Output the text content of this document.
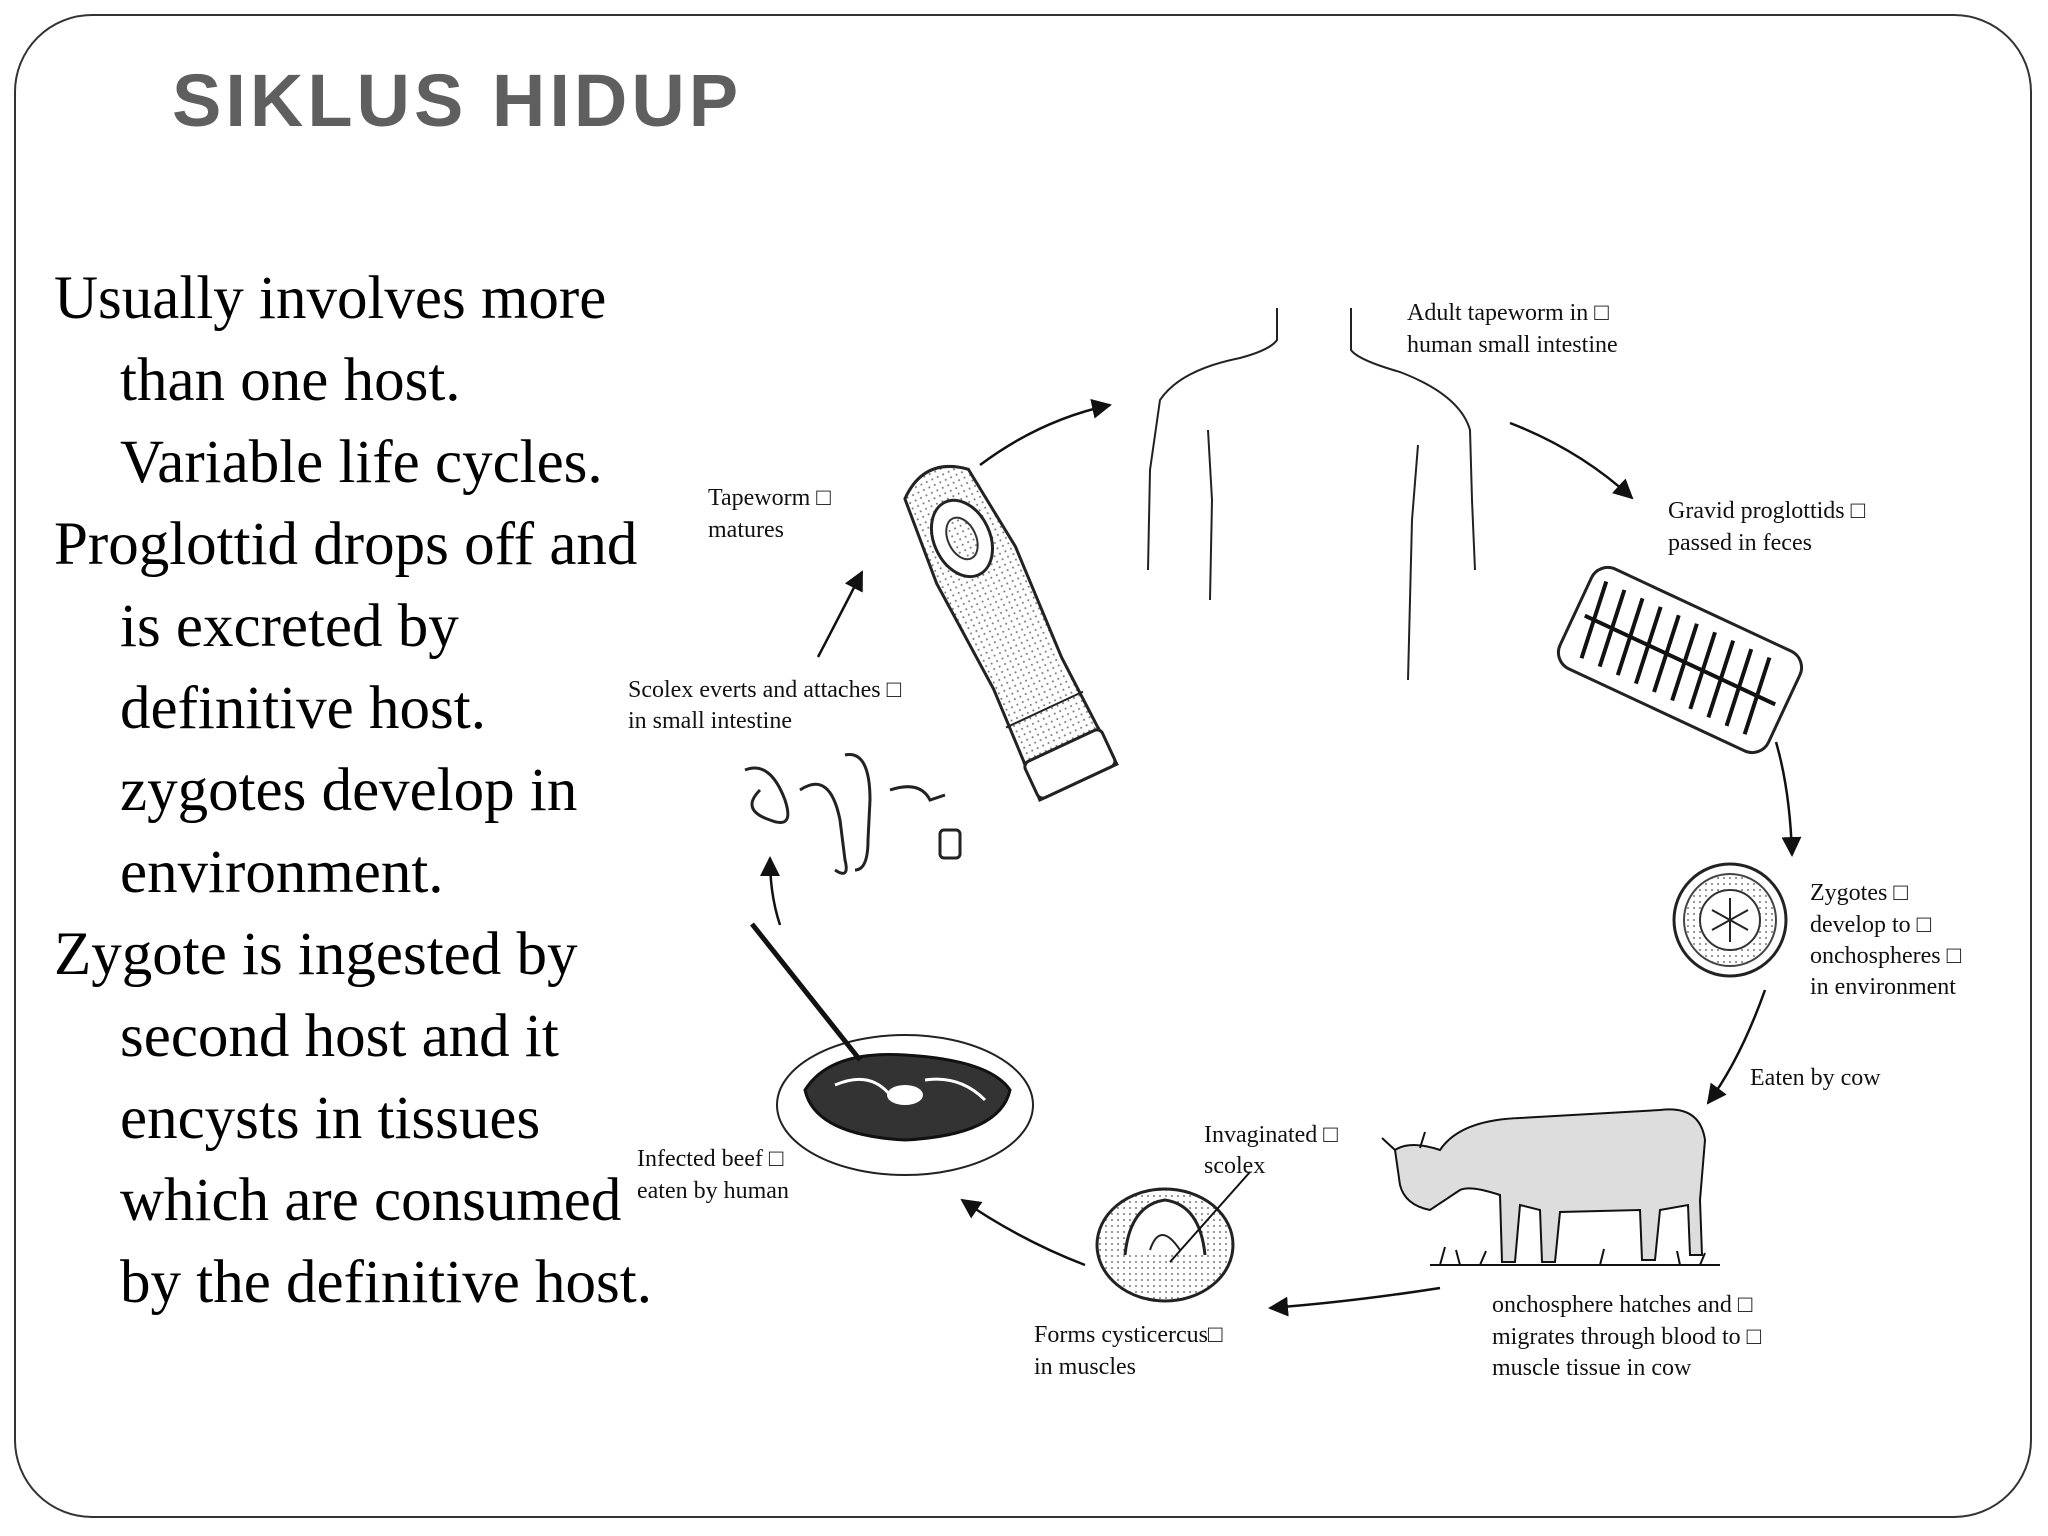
SIKLUS HIDUP

Usually involves more than one host. Variable life cycles.

Proglottid drops off and is excreted by definitive host. zygotes develop in environment.

Zygote is ingested by second host and it encysts in tissues which are consumed by the definitive host.

Adult tapeworm in □ human small intestine
Gravid proglottids □ passed in feces
Zygotes □ develop to □ onchospheres □ in environment
Eaten by cow
onchosphere hatches and □ migrates through blood to □ muscle tissue in cow
Invaginated □ scolex
Forms cysticercus□ in muscles
Infected beef □ eaten by human
Scolex everts and attaches □ in small intestine
Tapeworm □ matures
